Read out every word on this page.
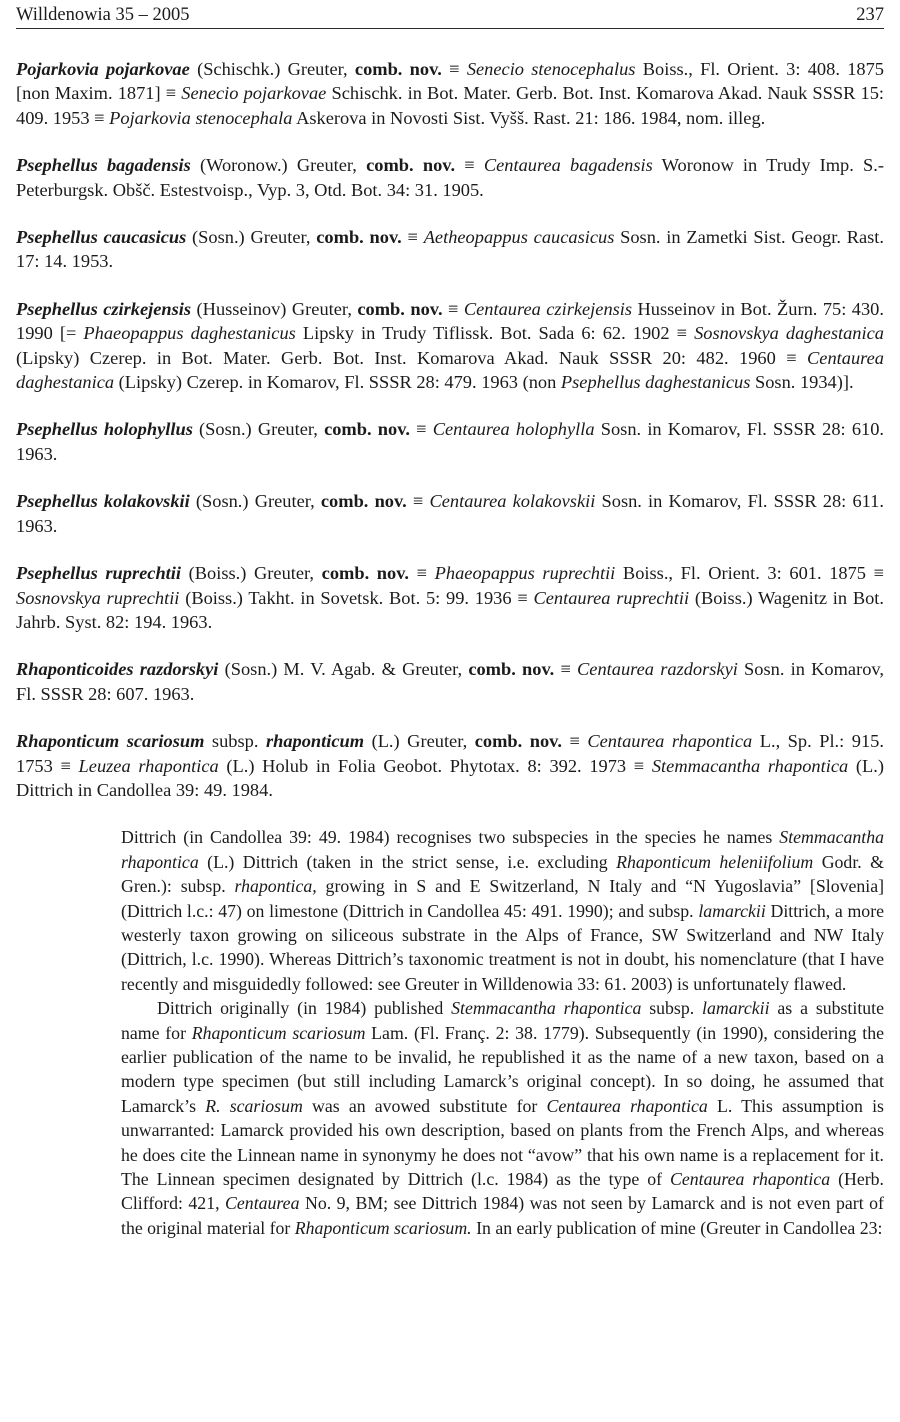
Willdenowia 35 – 2005	237

Pojarkovia pojarkovae (Schischk.) Greuter, comb. nov. ≡ Senecio stenocephalus Boiss., Fl. Orient. 3: 408. 1875 [non Maxim. 1871] ≡ Senecio pojarkovae Schischk. in Bot. Mater. Gerb. Bot. Inst. Komarova Akad. Nauk SSSR 15: 409. 1953 ≡ Pojarkovia stenocephala Askerova in Novosti Sist. Vyšš. Rast. 21: 186. 1984, nom. illeg.

Psephellus bagadensis (Woronow.) Greuter, comb. nov. ≡ Centaurea bagadensis Woronow in Trudy Imp. S.-Peterburgsk. Obšč. Estestvoisp., Vyp. 3, Otd. Bot. 34: 31. 1905.

Psephellus caucasicus (Sosn.) Greuter, comb. nov. ≡ Aetheopappus caucasicus Sosn. in Zametki Sist. Geogr. Rast. 17: 14. 1953.

Psephellus czirkejensis (Husseinov) Greuter, comb. nov. ≡ Centaurea czirkejensis Husseinov in Bot. Žurn. 75: 430. 1990 [= Phaeopappus daghestanicus Lipsky in Trudy Tiflissk. Bot. Sada 6: 62. 1902 ≡ Sosnovskya daghestanica (Lipsky) Czerep. in Bot. Mater. Gerb. Bot. Inst. Komarova Akad. Nauk SSSR 20: 482. 1960 ≡ Centaurea daghestanica (Lipsky) Czerep. in Komarov, Fl. SSSR 28: 479. 1963 (non Psephellus daghestanicus Sosn. 1934)].

Psephellus holophyllus (Sosn.) Greuter, comb. nov. ≡ Centaurea holophylla Sosn. in Komarov, Fl. SSSR 28: 610. 1963.

Psephellus kolakovskii (Sosn.) Greuter, comb. nov. ≡ Centaurea kolakovskii Sosn. in Komarov, Fl. SSSR 28: 611. 1963.

Psephellus ruprechtii (Boiss.) Greuter, comb. nov. ≡ Phaeopappus ruprechtii Boiss., Fl. Orient. 3: 601. 1875 ≡ Sosnovskya ruprechtii (Boiss.) Takht. in Sovetsk. Bot. 5: 99. 1936 ≡ Centaurea ruprechtii (Boiss.) Wagenitz in Bot. Jahrb. Syst. 82: 194. 1963.

Rhaponticoides razdorskyi (Sosn.) M. V. Agab. & Greuter, comb. nov. ≡ Centaurea razdorskyi Sosn. in Komarov, Fl. SSSR 28: 607. 1963.

Rhaponticum scariosum subsp. rhaponticum (L.) Greuter, comb. nov. ≡ Centaurea rhapontica L., Sp. Pl.: 915. 1753 ≡ Leuzea rhapontica (L.) Holub in Folia Geobot. Phytotax. 8: 392. 1973 ≡ Stemmacantha rhapontica (L.) Dittrich in Candollea 39: 49. 1984.

Dittrich (in Candollea 39: 49. 1984) recognises two subspecies in the species he names Stemmacantha rhapontica (L.) Dittrich (taken in the strict sense, i.e. excluding Rhaponticum heleniifolium Godr. & Gren.): subsp. rhapontica, growing in S and E Switzerland, N Italy and “N Yugoslavia” [Slovenia] (Dittrich l.c.: 47) on limestone (Dittrich in Candollea 45: 491. 1990); and subsp. lamarckii Dittrich, a more westerly taxon growing on siliceous substrate in the Alps of France, SW Switzerland and NW Italy (Dittrich, l.c. 1990). Whereas Dittrich’s taxonomic treatment is not in doubt, his nomenclature (that I have recently and misguidedly followed: see Greuter in Willdenowia 33: 61. 2003) is unfortunately flawed.

Dittrich originally (in 1984) published Stemmacantha rhapontica subsp. lamarckii as a substitute name for Rhaponticum scariosum Lam. (Fl. Franç. 2: 38. 1779). Subsequently (in 1990), considering the earlier publication of the name to be invalid, he republished it as the name of a new taxon, based on a modern type specimen (but still including Lamarck’s original concept). In so doing, he assumed that Lamarck’s R. scariosum was an avowed substitute for Centaurea rhapontica L. This assumption is unwarranted: Lamarck provided his own description, based on plants from the French Alps, and whereas he does cite the Linnean name in synonymy he does not “avow” that his own name is a replacement for it. The Linnean specimen designated by Dittrich (l.c. 1984) as the type of Centaurea rhapontica (Herb. Clifford: 421, Centaurea No. 9, BM; see Dittrich 1984) was not seen by Lamarck and is not even part of the original material for Rhaponticum scariosum. In an early publication of mine (Greuter in Candollea 23:
